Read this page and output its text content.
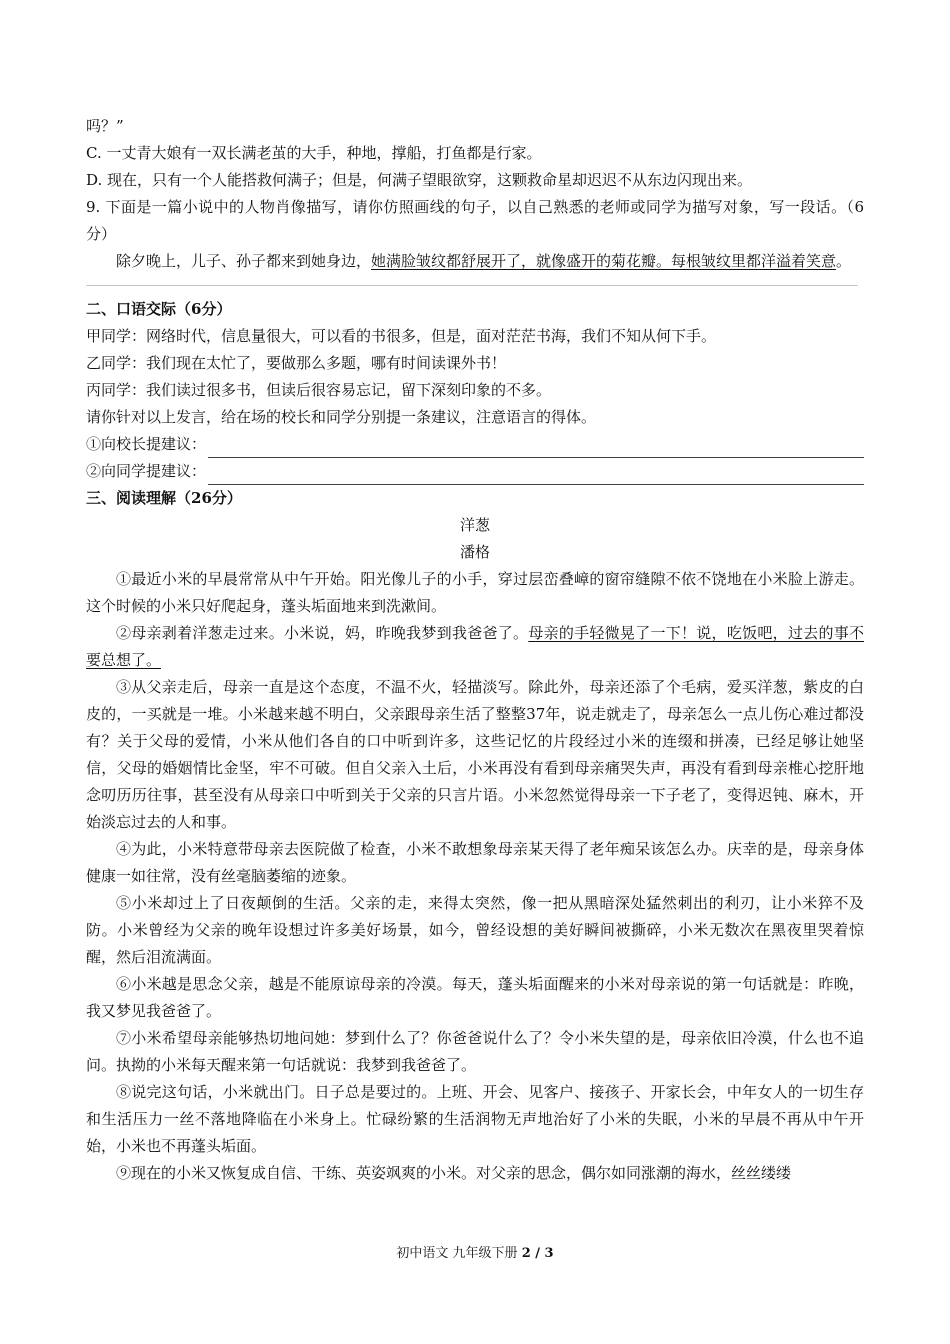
吗？”
C. 一丈青大娘有一双长满老茧的大手，种地，撑船，打鱼都是行家。
D. 现在，只有一个人能搭救何满子；但是，何满子望眼欲穿，这颗救命星却迟迟不从东边闪现出来。
9. 下面是一篇小说中的人物肖像描写，请你仿照画线的句子，以自己熟悉的老师或同学为描写对象，写一段话。（6分）
除夕晚上，儿子、孙子都来到她身边，她满脸皱纹都舒展开了，就像盛开的菊花瓣。每根皱纹里都洋溢着笑意。
二、口语交际（6分）
甲同学：网络时代，信息量很大，可以看的书很多，但是，面对茫茫书海，我们不知从何下手。
乙同学：我们现在太忙了，要做那么多题，哪有时间读课外书！
丙同学：我们读过很多书，但读后很容易忘记，留下深刻印象的不多。
请你针对以上发言，给在场的校长和同学分别提一条建议，注意语言的得体。
①向校长提建议：
②向同学提建议：
三、阅读理解（26分）
洋葱
潘格
①最近小米的早晨常常从中午开始。阳光像儿子的小手，穿过层峦叠嶂的窗帘缝隙不依不饶地在小米脸上游走。这个时候的小米只好爬起身，蓬头垢面地来到洗漱间。
②母亲剥着洋葱走过来。小米说，妈，昨晚我梦到我爸爸了。母亲的手轻微晃了一下！说，吃饭吧，过去的事不要总想了。
③从父亲走后，母亲一直是这个态度，不温不火，轻描淡写。除此外，母亲还添了个毛病，爱买洋葱，紫皮的白皮的，一买就是一堆。小米越来越不明白，父亲跟母亲生活了整整37年，说走就走了，母亲怎么一点儿伤心难过都没有？关于父母的爱情，小米从他们各自的口中听到许多，这些记忆的片段经过小米的连缀和拼凑，已经足够让她坚信，父母的婚姻情比金坚，牢不可破。但自父亲入土后，小米再没有看到母亲痛哭失声，再没有看到母亲椎心挖肝地念叨历历往事，甚至没有从母亲口中听到关于父亲的只言片语。小米忽然觉得母亲一下子老了，变得迟钝、麻木，开始淡忘过去的人和事。
④为此，小米特意带母亲去医院做了检查，小米不敢想象母亲某天得了老年痴呆该怎么办。庆幸的是，母亲身体健康一如往常，没有丝毫脑萎缩的迹象。
⑤小米却过上了日夜颠倒的生活。父亲的走，来得太突然，像一把从黑暗深处猛然刺出的利刃，让小米猝不及防。小米曾经为父亲的晚年设想过许多美好场景，如今，曾经设想的美好瞬间被撕碎，小米无数次在黑夜里哭着惊醒，然后泪流满面。
⑥小米越是思念父亲，越是不能原谅母亲的冷漠。每天，蓬头垢面醒来的小米对母亲说的第一句话就是：昨晚，我又梦见我爸爸了。
⑦小米希望母亲能够热切地问她：梦到什么了？你爸爸说什么了？令小米失望的是，母亲依旧冷漠，什么也不追问。执拗的小米每天醒来第一句话就说：我梦到我爸爸了。
⑧说完这句话，小米就出门。日子总是要过的。上班、开会、见客户、接孩子、开家长会，中年女人的一切生存和生活压力一丝不落地降临在小米身上。忙碌纷繁的生活润物无声地治好了小米的失眠，小米的早晨不再从中午开始，小米也不再蓬头垢面。
⑨现在的小米又恢复成自信、干练、英姿飒爽的小米。对父亲的思念，偶尔如同涨潮的海水，丝丝缕缕
初中语文 九年级下册 2 / 3
